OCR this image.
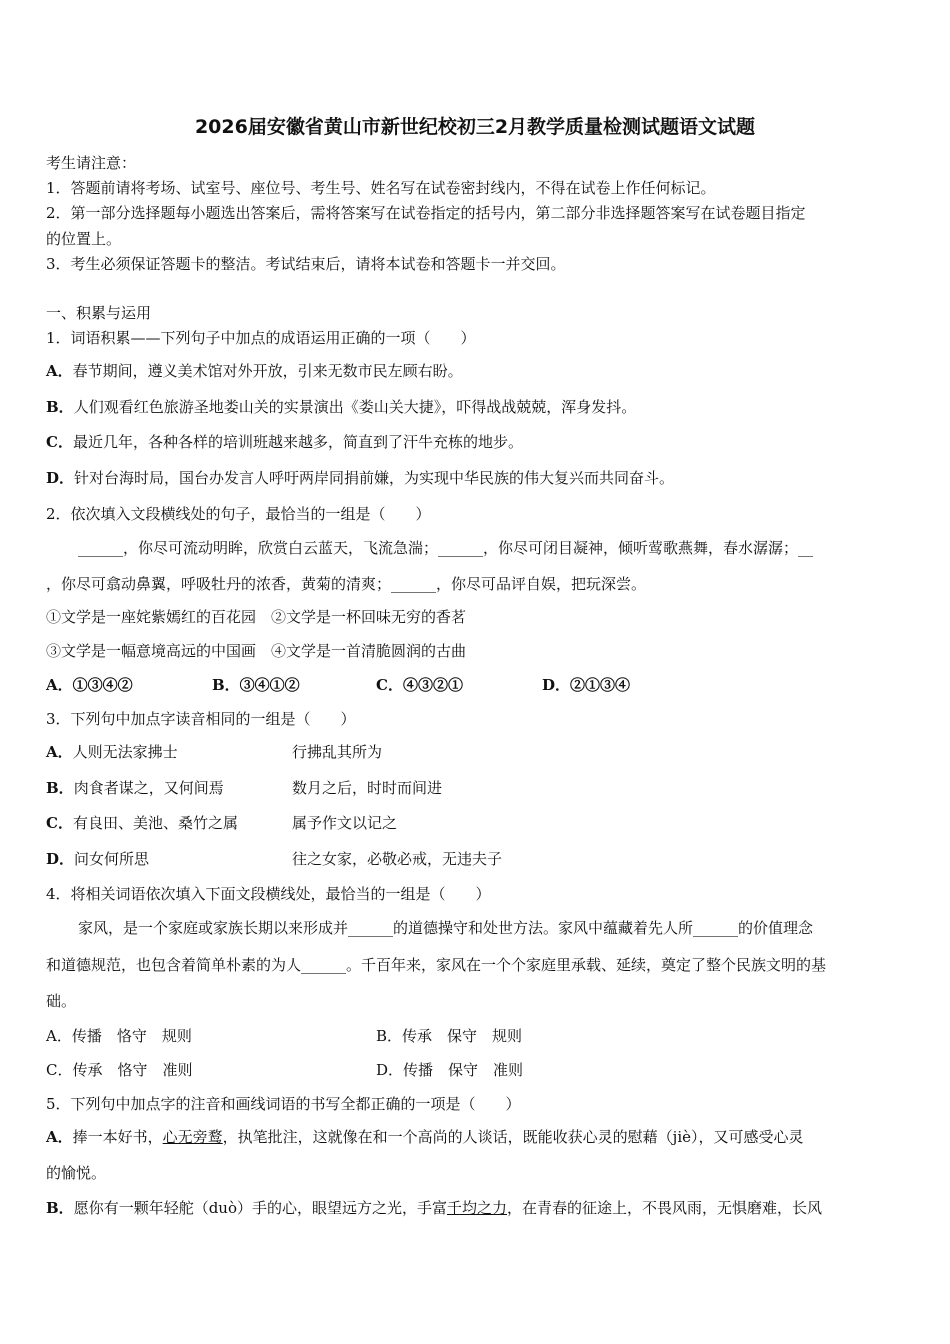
2026届安徽省黄山市新世纪校初三2月教学质量检测试题语文试题
考生请注意：
1．答题前请将考场、试室号、座位号、考生号、姓名写在试卷密封线内，不得在试卷上作任何标记。
2．第一部分选择题每小题选出答案后，需将答案写在试卷指定的括号内，第二部分非选择题答案写在试卷题目指定
的位置上。
3．考生必须保证答题卡的整洁。考试结束后，请将本试卷和答题卡一并交回。
一、积累与运用
1．词语积累——下列句子中加点的成语运用正确的一项（　　）
A．春节期间，遵义美术馆对外开放，引来无数市民左顾右盼。
B．人们观看红色旅游圣地娄山关的实景演出《娄山关大捷》，吓得战战兢兢，浑身发抖。
C．最近几年，各种各样的培训班越来越多，简直到了汗牛充栋的地步。
D．针对台海时局，国台办发言人呼吁两岸同捐前嫌，为实现中华民族的伟大复兴而共同奋斗。
2．依次填入文段横线处的句子，最恰当的一组是（　　）
______，你尽可流动明眸，欣赏白云蓝天，飞流急湍；______，你尽可闭目凝神，倾听莺歌燕舞，春水潺潺；__
，你尽可翕动鼻翼，呼吸牡丹的浓香，黄菊的清爽；______，你尽可品评自娱，把玩深尝。
①文学是一座姹紫嫣红的百花园　②文学是一杯回味无穷的香茗
③文学是一幅意境高远的中国画　④文学是一首清脆圆润的古曲
A．①③④②	B．③④①②	C．④③②①	D．②①③④
3．下列句中加点字读音相同的一组是（　　）
A．人则无法家拂士	行拂乱其所为
B．肉食者谋之，又何间焉	数月之后，时时而间进
C．有良田、美池、桑竹之属	属予作文以记之
D．问女何所思	往之女家，必敬必戒，无违夫子
4．将相关词语依次填入下面文段横线处，最恰当的一组是（　　）
家风，是一个家庭或家族长期以来形成并______的道德操守和处世方法。家风中蕴藏着先人所______的价值理念
和道德规范，也包含着简单朴素的为人______。千百年来，家风在一个个家庭里承载、延续，奠定了整个民族文明的基
础。
A．传播　恪守　规则	B．传承　保守　规则
C．传承　恪守　准则	D．传播　保守　准则
5．下列句中加点字的注音和画线词语的书写全都正确的一项是（　　）
A．捧一本好书，心无旁鹜，执笔批注，这就像在和一个高尚的人谈话，既能收获心灵的慰藉（jiè），又可感受心灵
的愉悦。
B．愿你有一颗年轻舵（duò）手的心，眼望远方之光，手富千均之力，在青春的征途上，不畏风雨，无惧磨难，长风
